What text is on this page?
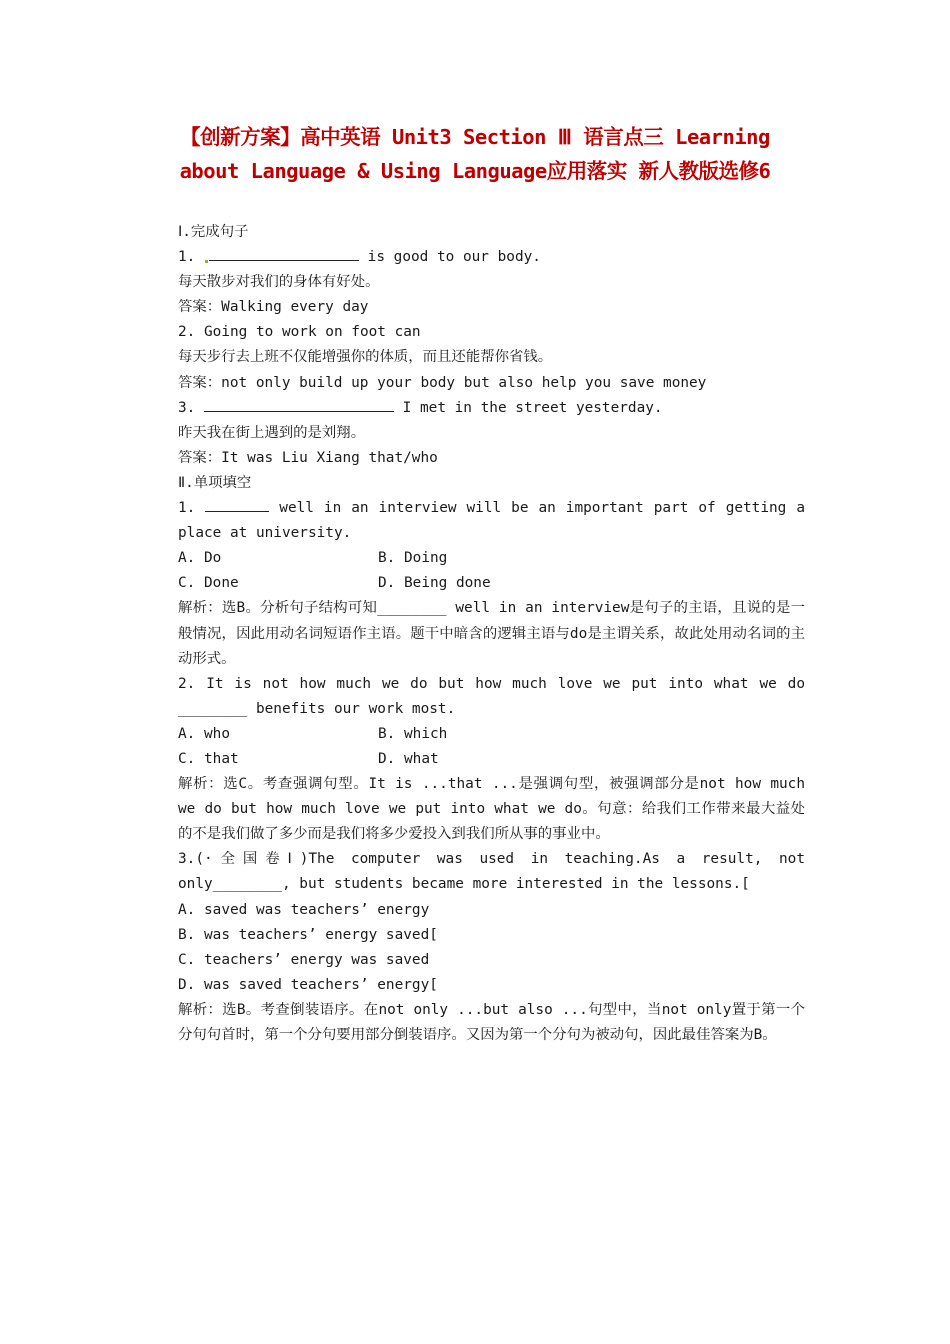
【创新方案】高中英语 Unit3 Section Ⅲ 语言点三 Learning
about Language & Using Language应用落实 新人教版选修6
Ⅰ.完成句子
1.	is good to our body.
每天散步对我们的身体有好处。
答案：Walking every day
2. Going to work on foot can
每天步行去上班不仅能增强你的体质，而且还能帮你省钱。
答案：not only build up your body but also help you save money
3.	I met in the street yesterday.
昨天我在街上遇到的是刘翔。
答案：It was Liu Xiang that/who
Ⅱ.单项填空
1.	well in an interview will be an important part of getting a place at university.
A. Do	B. Doing
C. Done	D. Being done
解析：选B。分析句子结构可知________ well in an interview是句子的主语，且说的是一般情况，因此用动名词短语作主语。题干中暗含的逻辑主语与do是主谓关系，故此处用动名词的主动形式。
2. It is not how much we do but how much love we put into what we do ________ benefits our work most.
A. who	B. which
C. that	D. what
解析：选C。考查强调句型。It is ...that ...是强调句型，被强调部分是not how much we do but how much love we put into what we do。句意：给我们工作带来最大益处的不是我们做了多少而是我们将多少爱投入到我们所从事的事业中。
3.(·全国卷Ⅰ)The computer was used in teaching.As a result, not only________, but students became more interested in the lessons.[
A. saved was teachers’ energy
B. was teachers’ energy saved[
C. teachers’ energy was saved
D. was saved teachers’ energy[
解析：选B。考查倒装语序。在not only ...but also ...句型中，当not only置于第一个分句句首时，第一个分句要用部分倒装语序。又因为第一个分句为被动句，因此最佳答案为B。
